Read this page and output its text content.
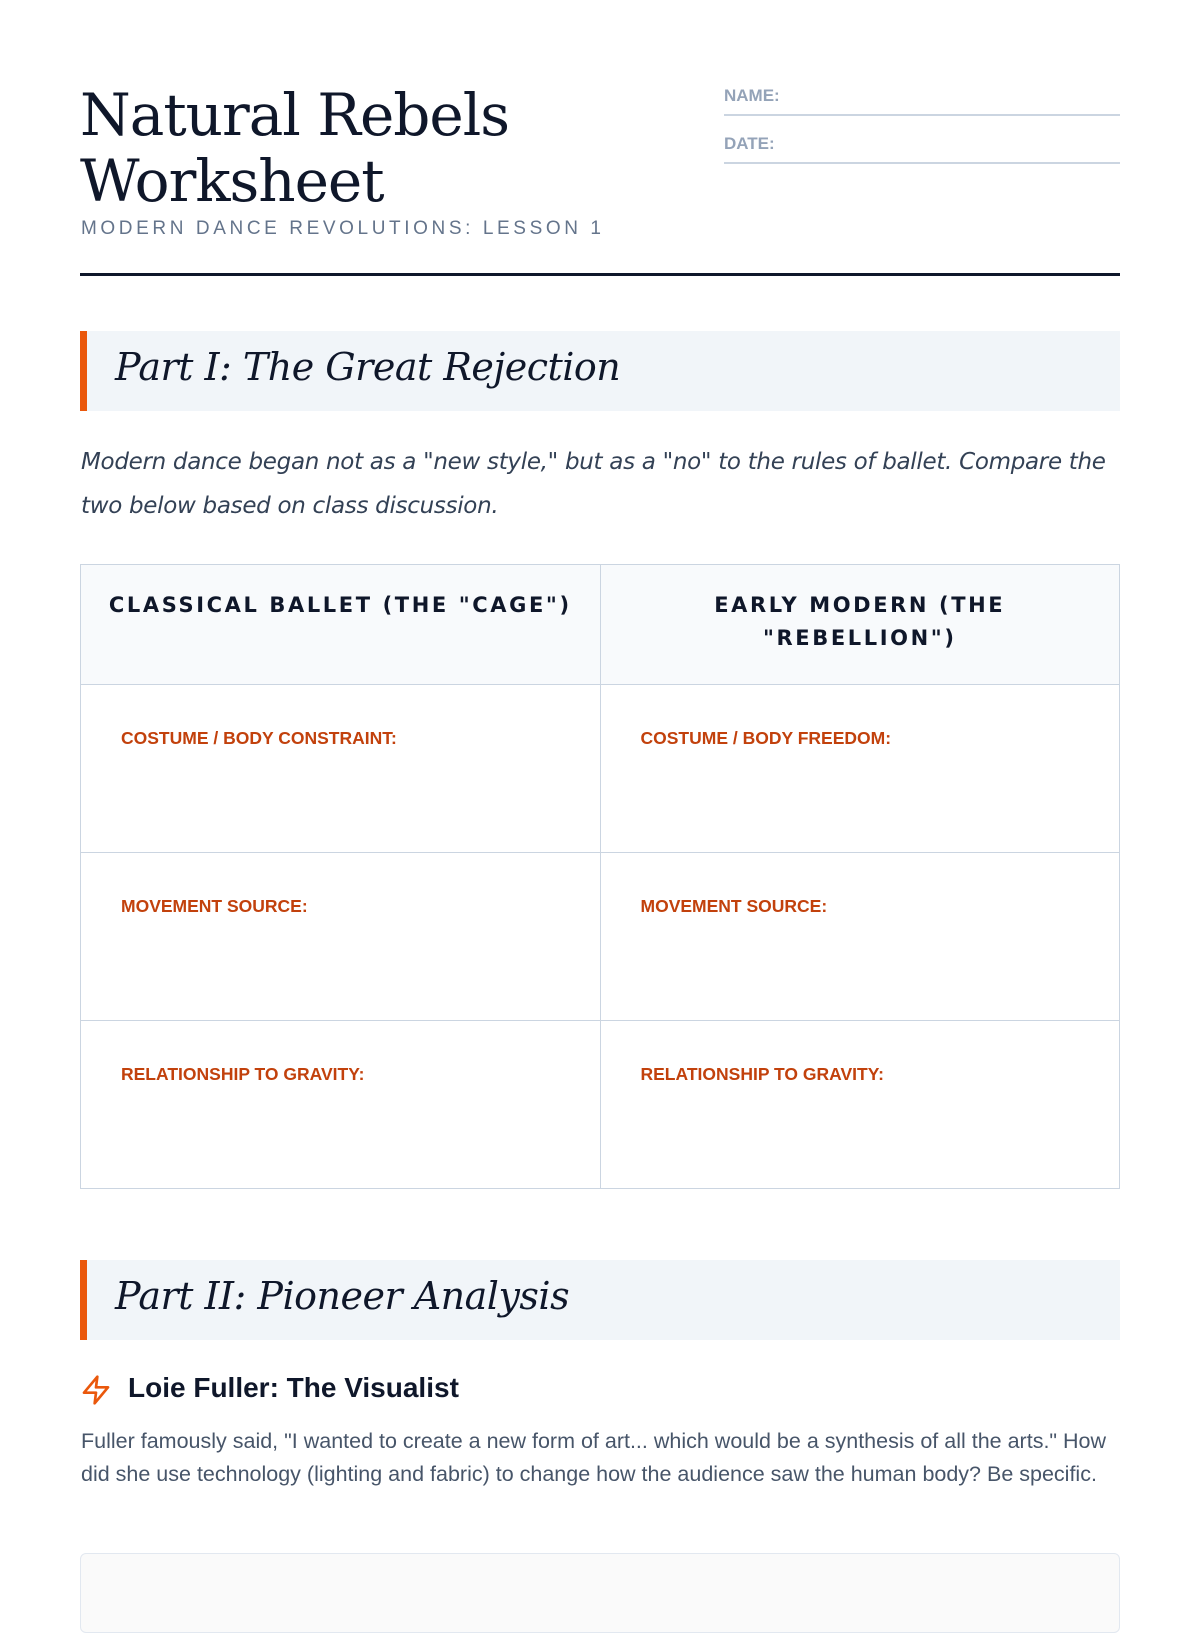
Natural Rebels Worksheet
MODERN DANCE REVOLUTIONS: LESSON 1
NAME:
DATE:
Part I: The Great Rejection
Modern dance began not as a "new style," but as a "no" to the rules of ballet. Compare the two below based on class discussion.
CLASSICAL BALLET (THE "CAGE")	EARLY MODERN (THE "REBELLION")
COSTUME / BODY CONSTRAINT:	COSTUME / BODY FREEDOM:
MOVEMENT SOURCE:	MOVEMENT SOURCE:
RELATIONSHIP TO GRAVITY:	RELATIONSHIP TO GRAVITY:
Part II: Pioneer Analysis
Loie Fuller: The Visualist
Fuller famously said, "I wanted to create a new form of art... which would be a synthesis of all the arts." How did she use technology (lighting and fabric) to change how the audience saw the human body? Be specific.
